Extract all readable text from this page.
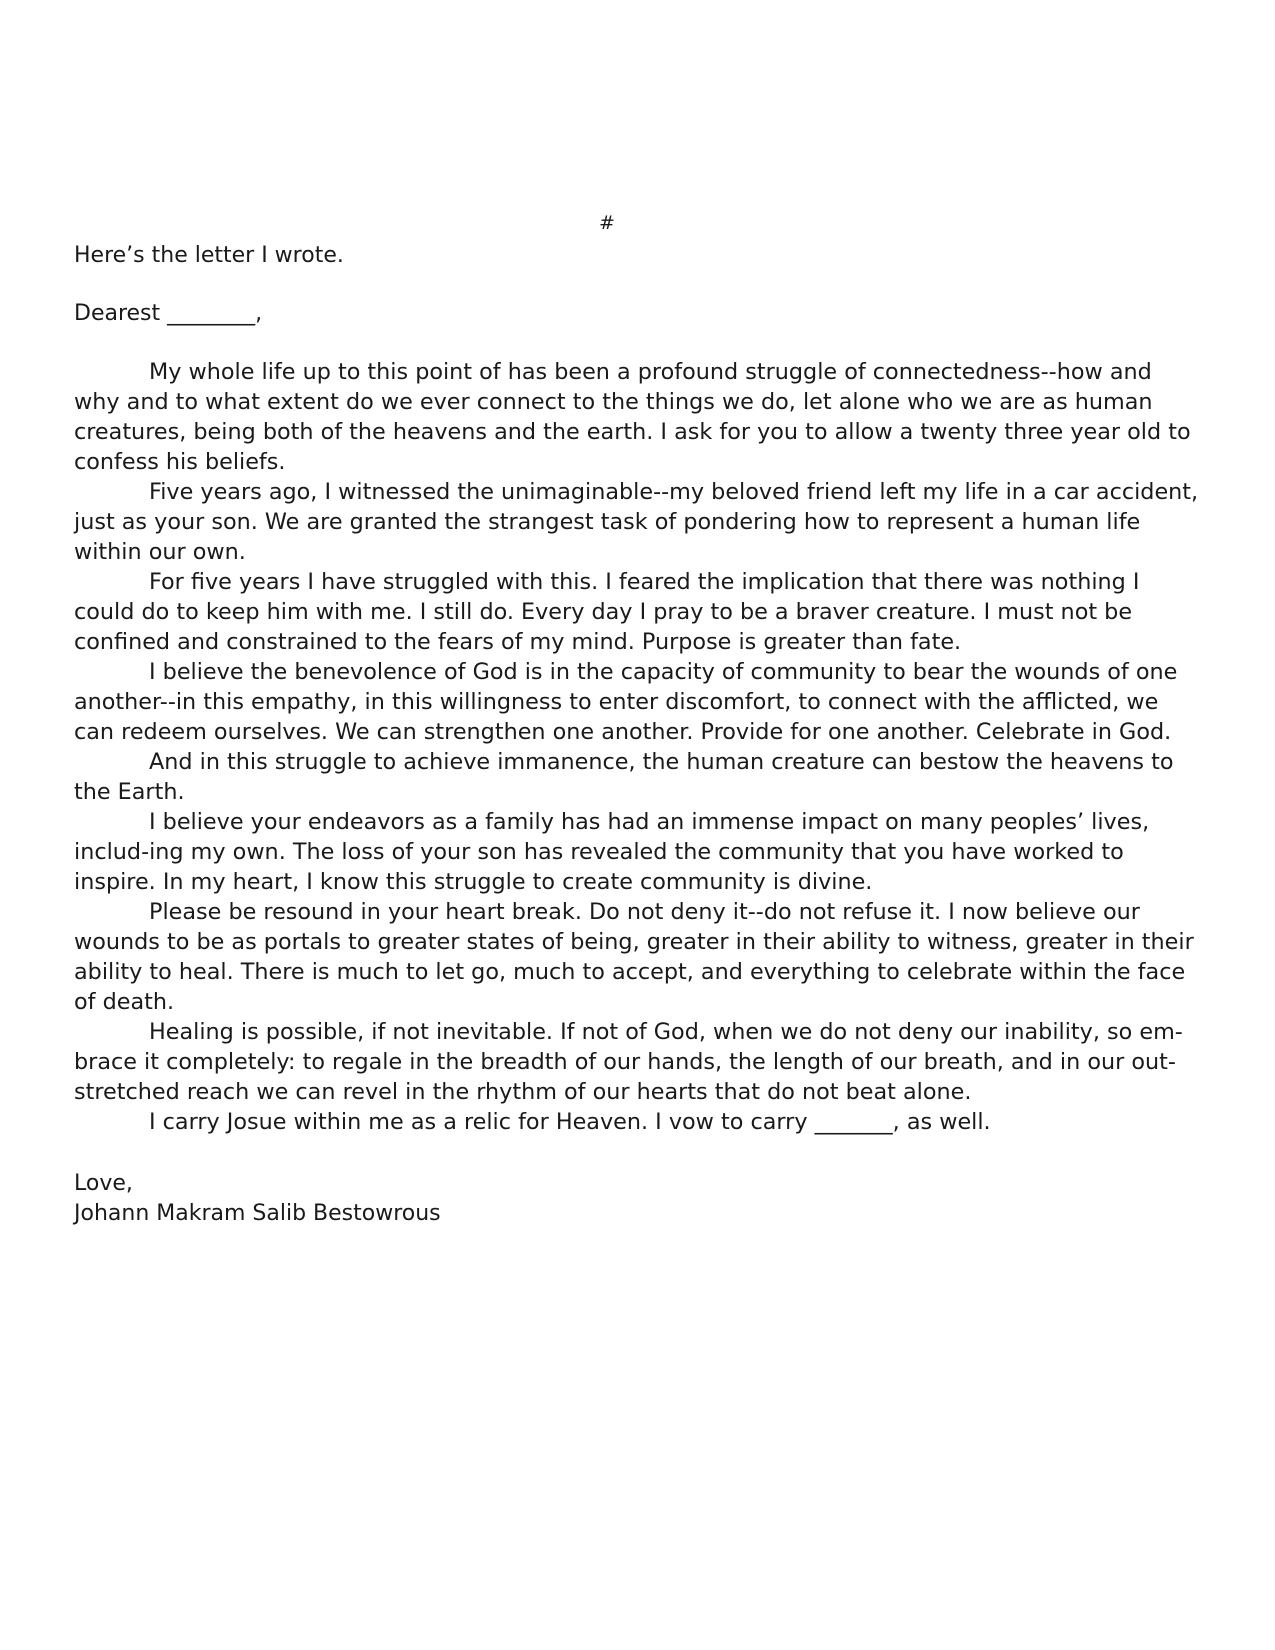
#
Here’s the letter I wrote.
Dearest ________,

My whole life up to this point of has been a profound struggle of connectedness--how and why and to what extent do we ever connect to the things we do, let alone who we are as human creatures, being both of the heavens and the earth. I ask for you to allow a twenty three year old to confess his beliefs.

Five years ago, I witnessed the unimaginable--my beloved friend left my life in a car accident, just as your son. We are granted the strangest task of pondering how to represent a human life within our own.

For five years I have struggled with this. I feared the implication that there was nothing I could do to keep him with me. I still do. Every day I pray to be a braver creature. I must not be confined and constrained to the fears of my mind. Purpose is greater than fate.

I believe the benevolence of God is in the capacity of community to bear the wounds of one another--in this empathy, in this willingness to enter discomfort, to connect with the afflicted, we can redeem ourselves. We can strengthen one another. Provide for one another. Celebrate in God.

And in this struggle to achieve immanence, the human creature can bestow the heavens to the Earth.

I believe your endeavors as a family has had an immense impact on many peoples’ lives, includ-ing my own. The loss of your son has revealed the community that you have worked to inspire. In my heart, I know this struggle to create community is divine.

Please be resound in your heart break. Do not deny it--do not refuse it. I now believe our wounds to be as portals to greater states of being, greater in their ability to witness, greater in their ability to heal. There is much to let go, much to accept, and everything to celebrate within the face of death.

Healing is possible, if not inevitable. If not of God, when we do not deny our inability, so em-brace it completely: to regale in the breadth of our hands, the length of our breath, and in our out-stretched reach we can revel in the rhythm of our hearts that do not beat alone.

I carry Josue within me as a relic for Heaven. I vow to carry _______, as well.

Love,
Johann Makram Salib Bestowrous
